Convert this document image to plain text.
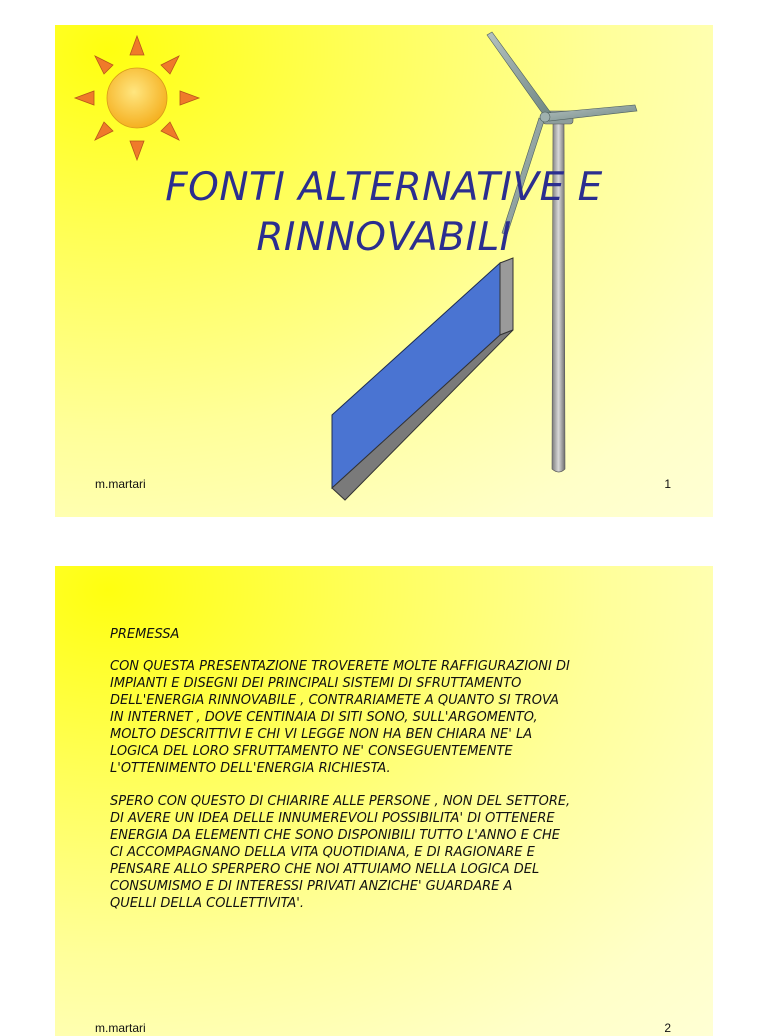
FONTI ALTERNATIVE E
RINNOVABILI
m.martari	1
PREMESSA
CON QUESTA PRESENTAZIONE TROVERETE MOLTE RAFFIGURAZIONI DI
IMPIANTI E DISEGNI DEI PRINCIPALI SISTEMI DI SFRUTTAMENTO
DELL'ENERGIA RINNOVABILE , CONTRARIAMETE A QUANTO SI TROVA
IN INTERNET , DOVE CENTINAIA DI SITI SONO, SULL'ARGOMENTO,
MOLTO DESCRITTIVI E CHI VI LEGGE NON HA BEN CHIARA NE' LA
LOGICA DEL LORO SFRUTTAMENTO NE' CONSEGUENTEMENTE
L'OTTENIMENTO DELL'ENERGIA RICHIESTA.
SPERO CON QUESTO DI CHIARIRE ALLE PERSONE , NON DEL SETTORE,
DI AVERE UN IDEA DELLE INNUMEREVOLI POSSIBILITA' DI OTTENERE
ENERGIA DA ELEMENTI CHE SONO DISPONIBILI TUTTO L'ANNO E CHE
CI ACCOMPAGNANO DELLA VITA QUOTIDIANA, E DI RAGIONARE E
PENSARE ALLO SPERPERO CHE NOI ATTUIAMO NELLA LOGICA DEL
CONSUMISMO E DI INTERESSI PRIVATI ANZICHE' GUARDARE A
QUELLI DELLA COLLETTIVITA'.
m.martari	2
